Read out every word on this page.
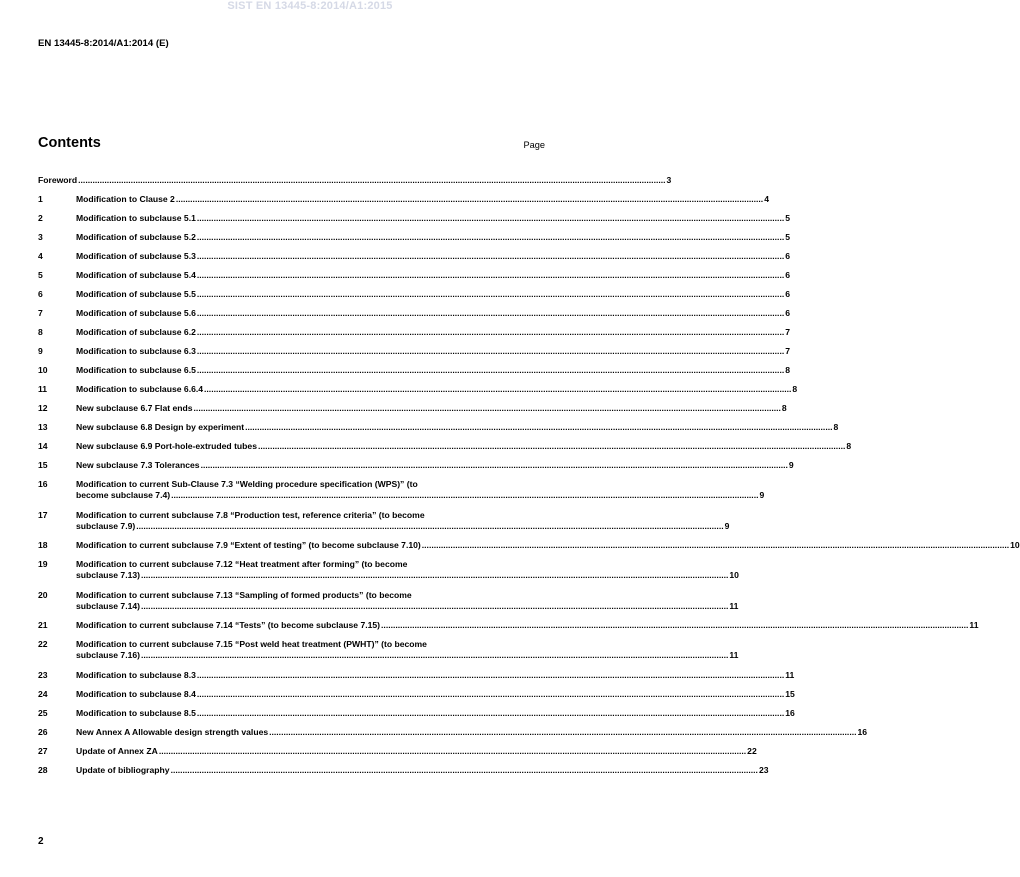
SIST EN 13445-8:2014/A1:2015
EN 13445-8:2014/A1:2014 (E)
Contents	Page
Foreword .....	3
1	Modification to Clause 2 .....	4
2	Modification to subclause 5.1 .....	5
3	Modification of subclause 5.2 .....	5
4	Modification of subclause 5.3 .....	6
5	Modification of subclause 5.4 .....	6
6	Modification of subclause 5.5 .....	6
7	Modification of subclause 5.6 .....	6
8	Modification of subclause 6.2 .....	7
9	Modification to subclause 6.3 .....	7
10	Modification to subclause 6.5 .....	8
11	Modification to subclause 6.6.4 .....	8
12	New subclause 6.7 Flat ends .....	8
13	New subclause 6.8 Design by experiment .....	8
14	New subclause 6.9 Port-hole-extruded tubes .....	8
15	New subclause 7.3 Tolerances .....	9
16	Modification to current Sub-Clause 7.3 “Welding procedure specification (WPS)” (to
become subclause 7.4) .....	9
17	Modification to current subclause 7.8 “Production test, reference criteria” (to become
subclause 7.9) .....	9
18	Modification to current subclause 7.9 “Extent of testing” (to become subclause 7.10) .....	10
19	Modification to current subclause 7.12 “Heat treatment after forming” (to become
subclause 7.13) .....	10
20	Modification to current subclause 7.13 “Sampling of formed products” (to become
subclause 7.14) .....	11
21	Modification to current subclause 7.14 “Tests” (to become subclause 7.15) .....	11
22	Modification to current subclause 7.15 “Post weld heat treatment (PWHT)” (to become
subclause 7.16) .....	11
23	Modification to subclause 8.3 .....	11
24	Modification to subclause 8.4 .....	15
25	Modification to subclause 8.5 .....	16
26	New Annex A Allowable design strength values .....	16
27	Update of Annex ZA .....	22
28	Update of bibliography .....	23
2
